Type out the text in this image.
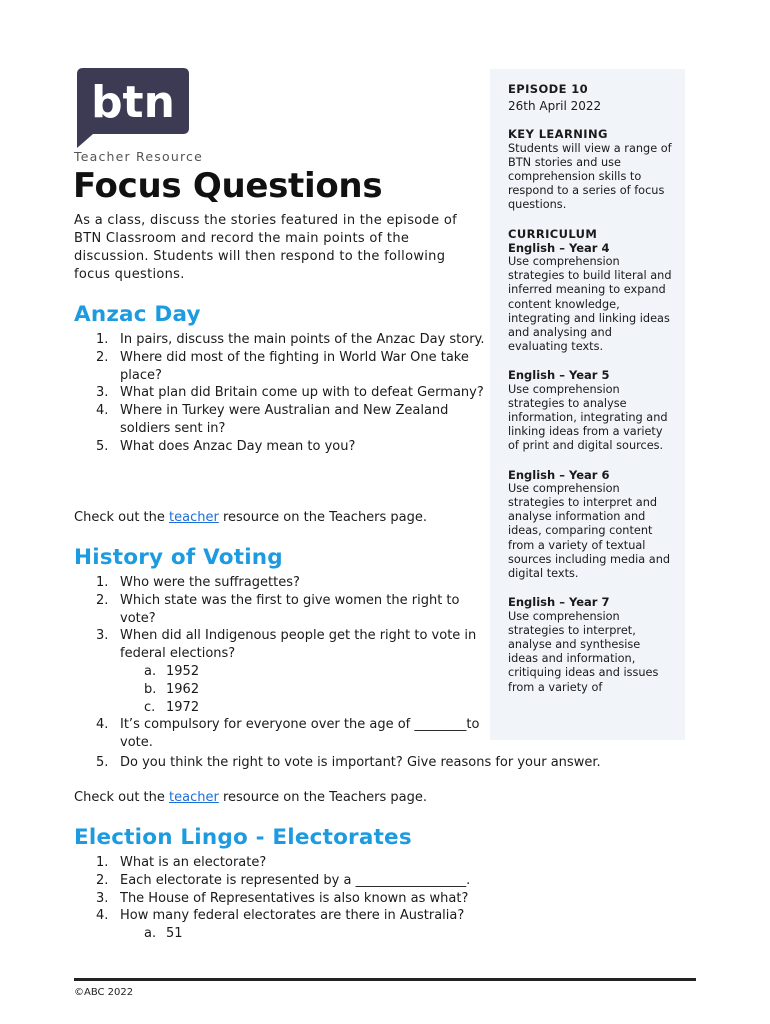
btn
Teacher Resource
Focus Questions

As a class, discuss the stories featured in the episode of BTN Classroom and record the main points of the discussion. Students will then respond to the following focus questions.

Anzac Day
1. In pairs, discuss the main points of the Anzac Day story.
2. Where did most of the fighting in World War One take place?
3. What plan did Britain come up with to defeat Germany?
4. Where in Turkey were Australian and New Zealand soldiers sent in?
5. What does Anzac Day mean to you?
Check out the teacher resource on the Teachers page.
History of Voting
1. Who were the suffragettes?
2. Which state was the first to give women the right to vote?
3. When did all Indigenous people get the right to vote in federal elections?
a. 1952
b. 1962
c. 1972
4. It’s compulsory for everyone over the age of ________to vote.
5. Do you think the right to vote is important? Give reasons for your answer.
Check out the teacher resource on the Teachers page.
Election Lingo - Electorates
1. What is an electorate?
2. Each electorate is represented by a _________________.
3. The House of Representatives is also known as what?
4. How many federal electorates are there in Australia?
a. 51
EPISODE 10
26th April 2022
KEY LEARNING
Students will view a range of BTN stories and use comprehension skills to respond to a series of focus questions.
CURRICULUM
English – Year 4
Use comprehension strategies to build literal and inferred meaning to expand content knowledge, integrating and linking ideas and analysing and evaluating texts.
English – Year 5
Use comprehension strategies to analyse information, integrating and linking ideas from a variety of print and digital sources.
English – Year 6
Use comprehension strategies to interpret and analyse information and ideas, comparing content from a variety of textual sources including media and digital texts.
English – Year 7
Use comprehension strategies to interpret, analyse and synthesise ideas and information, critiquing ideas and issues from a variety of
©ABC 2022
